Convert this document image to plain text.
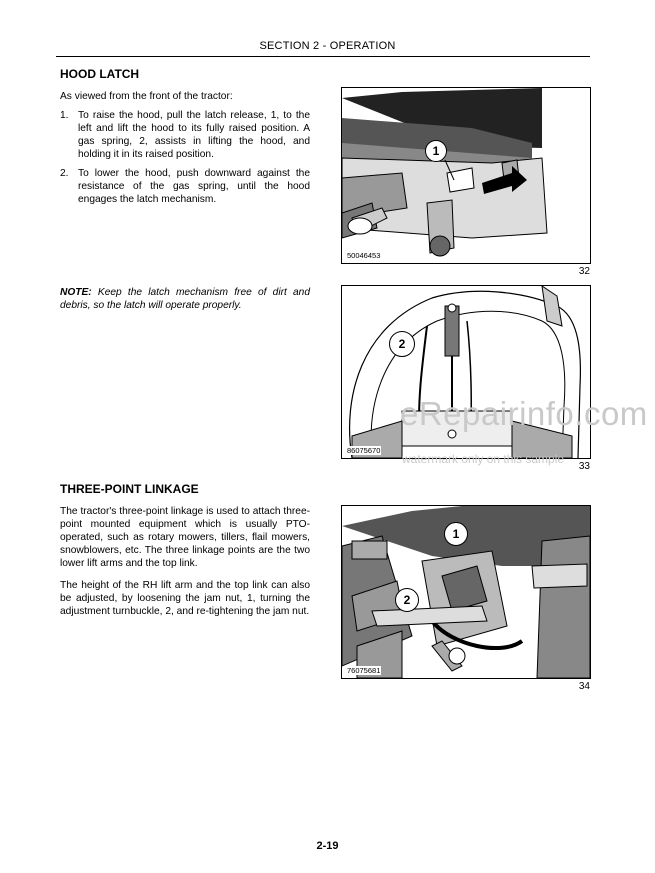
SECTION 2 - OPERATION
HOOD LATCH
As viewed from the front of the tractor:
1. To raise the hood, pull the latch release, 1, to the left and lift the hood to its fully raised position. A gas spring, 2, assists in lifting the hood, and holding it in its raised position.
2. To lower the hood, push downward against the resistance of the gas spring, until the hood engages the latch mechanism.
NOTE: Keep the latch mechanism free of dirt and debris, so the latch will operate properly.
THREE-POINT LINKAGE
The tractor's three-point linkage is used to attach three-point mounted equipment which is usually PTO-operated, such as rotary mowers, tillers, flail mowers, snowblowers, etc. The three linkage points are the two lower lift arms and the top link.
The height of the RH lift arm and the top link can also be adjusted, by loosening the jam nut, 1, turning the adjustment turnbuckle, 2, and re-tightening the jam nut.
1
50046453
32
2
86075670
33
1
2
76075681
34
eRepairinfo.com
watermark only on this sample
2-19
